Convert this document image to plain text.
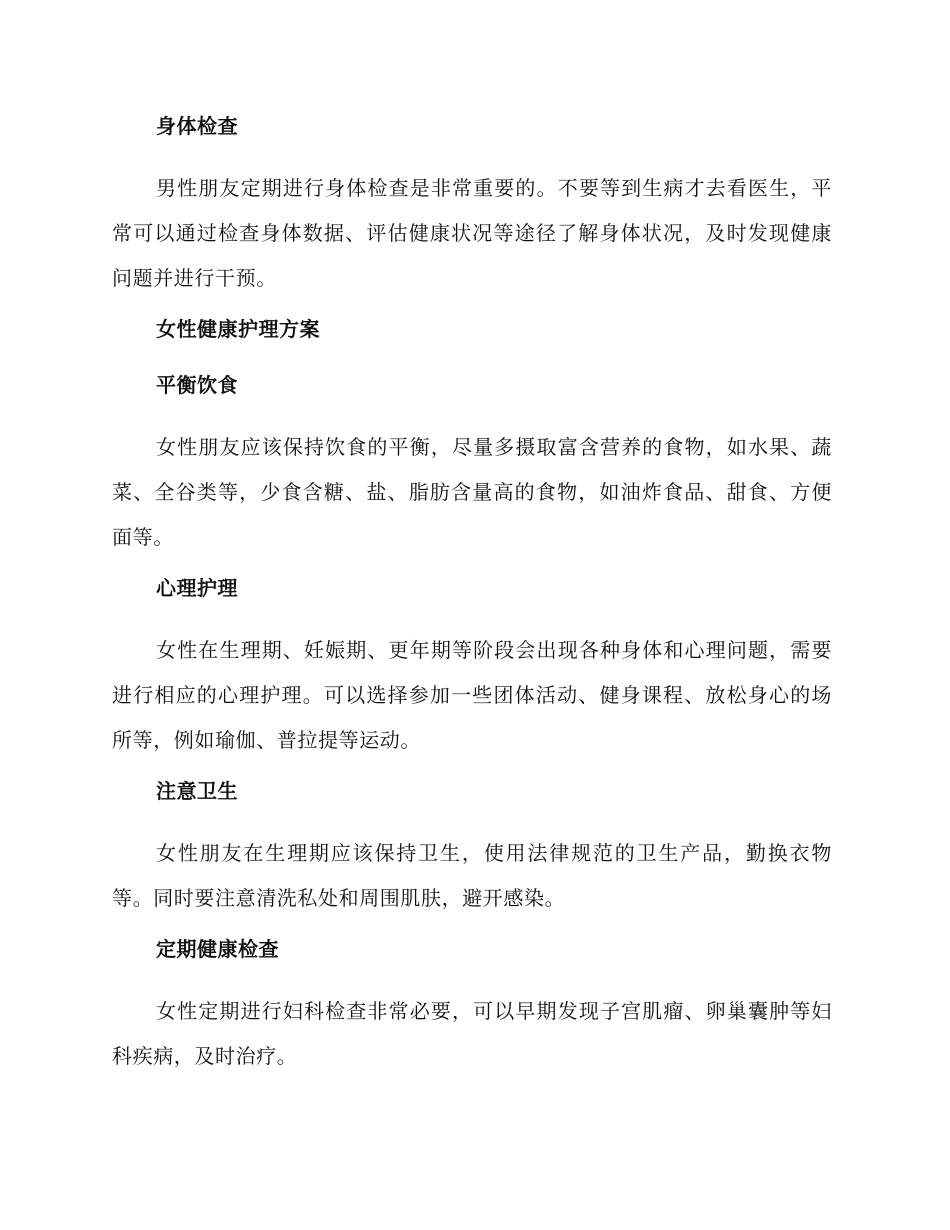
身体检查

男性朋友定期进行身体检查是非常重要的。不要等到生病才去看医生，平常可以通过检查身体数据、评估健康状况等途径了解身体状况，及时发现健康问题并进行干预。

女性健康护理方案
平衡饮食

女性朋友应该保持饮食的平衡，尽量多摄取富含营养的食物，如水果、蔬菜、全谷类等，少食含糖、盐、脂肪含量高的食物，如油炸食品、甜食、方便面等。

心理护理

女性在生理期、妊娠期、更年期等阶段会出现各种身体和心理问题，需要进行相应的心理护理。可以选择参加一些团体活动、健身课程、放松身心的场所等，例如瑜伽、普拉提等运动。

注意卫生

女性朋友在生理期应该保持卫生，使用法律规范的卫生产品，勤换衣物等。同时要注意清洗私处和周围肌肤，避开感染。

定期健康检查

女性定期进行妇科检查非常必要，可以早期发现子宫肌瘤、卵巢囊肿等妇科疾病，及时治疗。
